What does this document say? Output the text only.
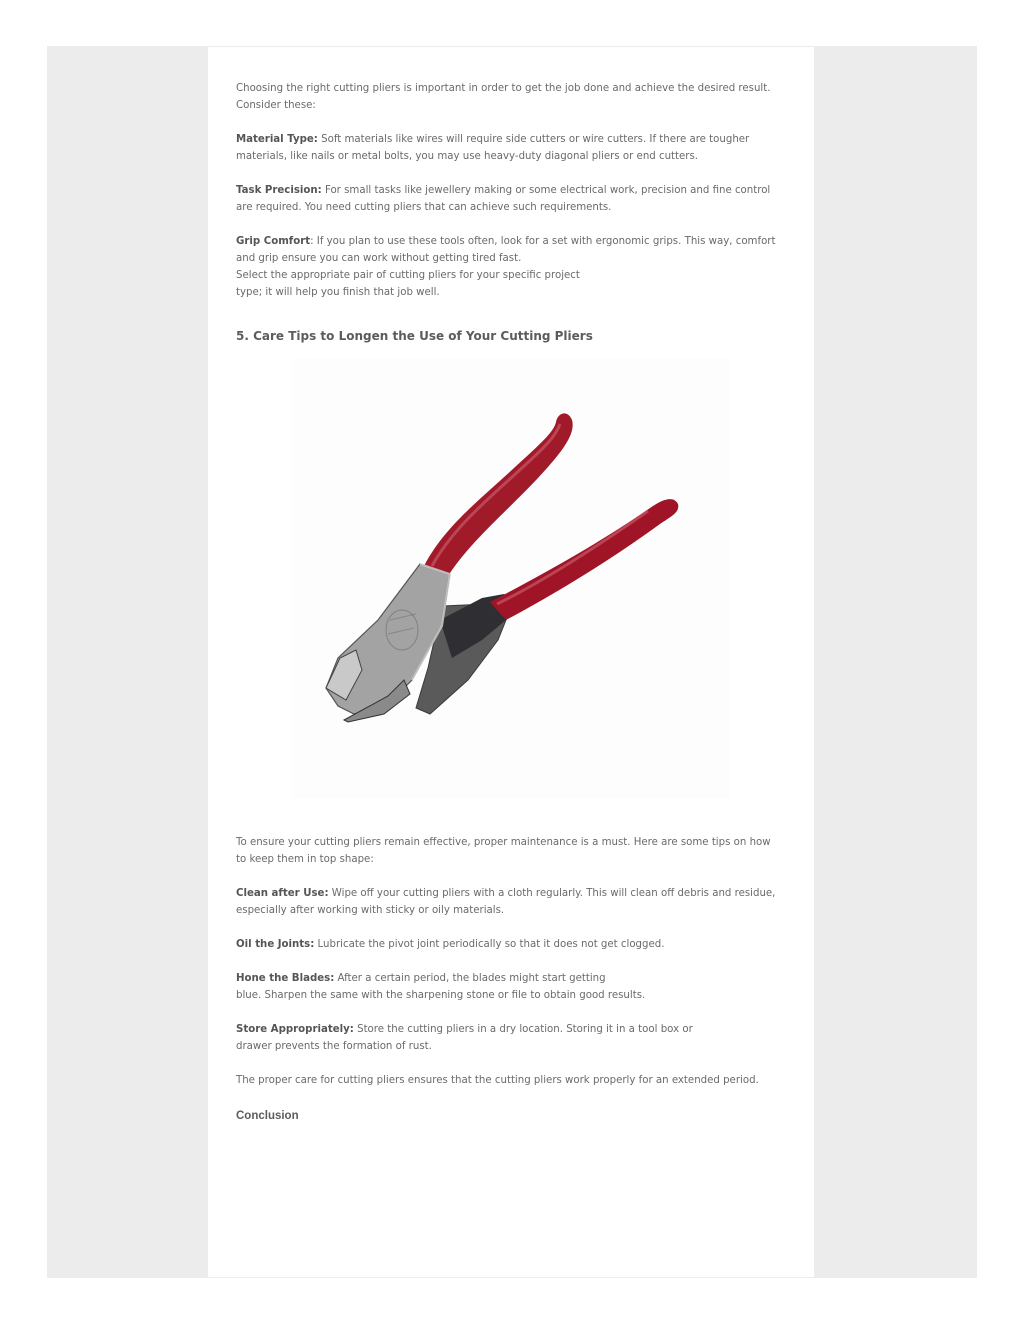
Choosing the right cutting pliers is important in order to get the job done and achieve the desired result. Consider these:

Material Type: Soft materials like wires will require side cutters or wire cutters. If there are tougher materials, like nails or metal bolts, you may use heavy-duty diagonal pliers or end cutters.

Task Precision: For small tasks like jewellery making or some electrical work, precision and fine control are required. You need cutting pliers that can achieve such requirements.

Grip Comfort: If you plan to use these tools often, look for a set with ergonomic grips. This way, comfort and grip ensure you can work without getting tired fast.
Select the appropriate pair of cutting pliers for your specific project
type; it will help you finish that job well.

5. Care Tips to Longen the Use of Your Cutting Pliers

To ensure your cutting pliers remain effective, proper maintenance is a must. Here are some tips on how to keep them in top shape:

Clean after Use: Wipe off your cutting pliers with a cloth regularly. This will clean off debris and residue, especially after working with sticky or oily materials.

Oil the Joints: Lubricate the pivot joint periodically so that it does not get clogged.

Hone the Blades: After a certain period, the blades might start getting
blue. Sharpen the same with the sharpening stone or file to obtain good results.

Store Appropriately: Store the cutting pliers in a dry location. Storing it in a tool box or
drawer prevents the formation of rust.

The proper care for cutting pliers ensures that the cutting pliers work properly for an extended period.

Conclusion
